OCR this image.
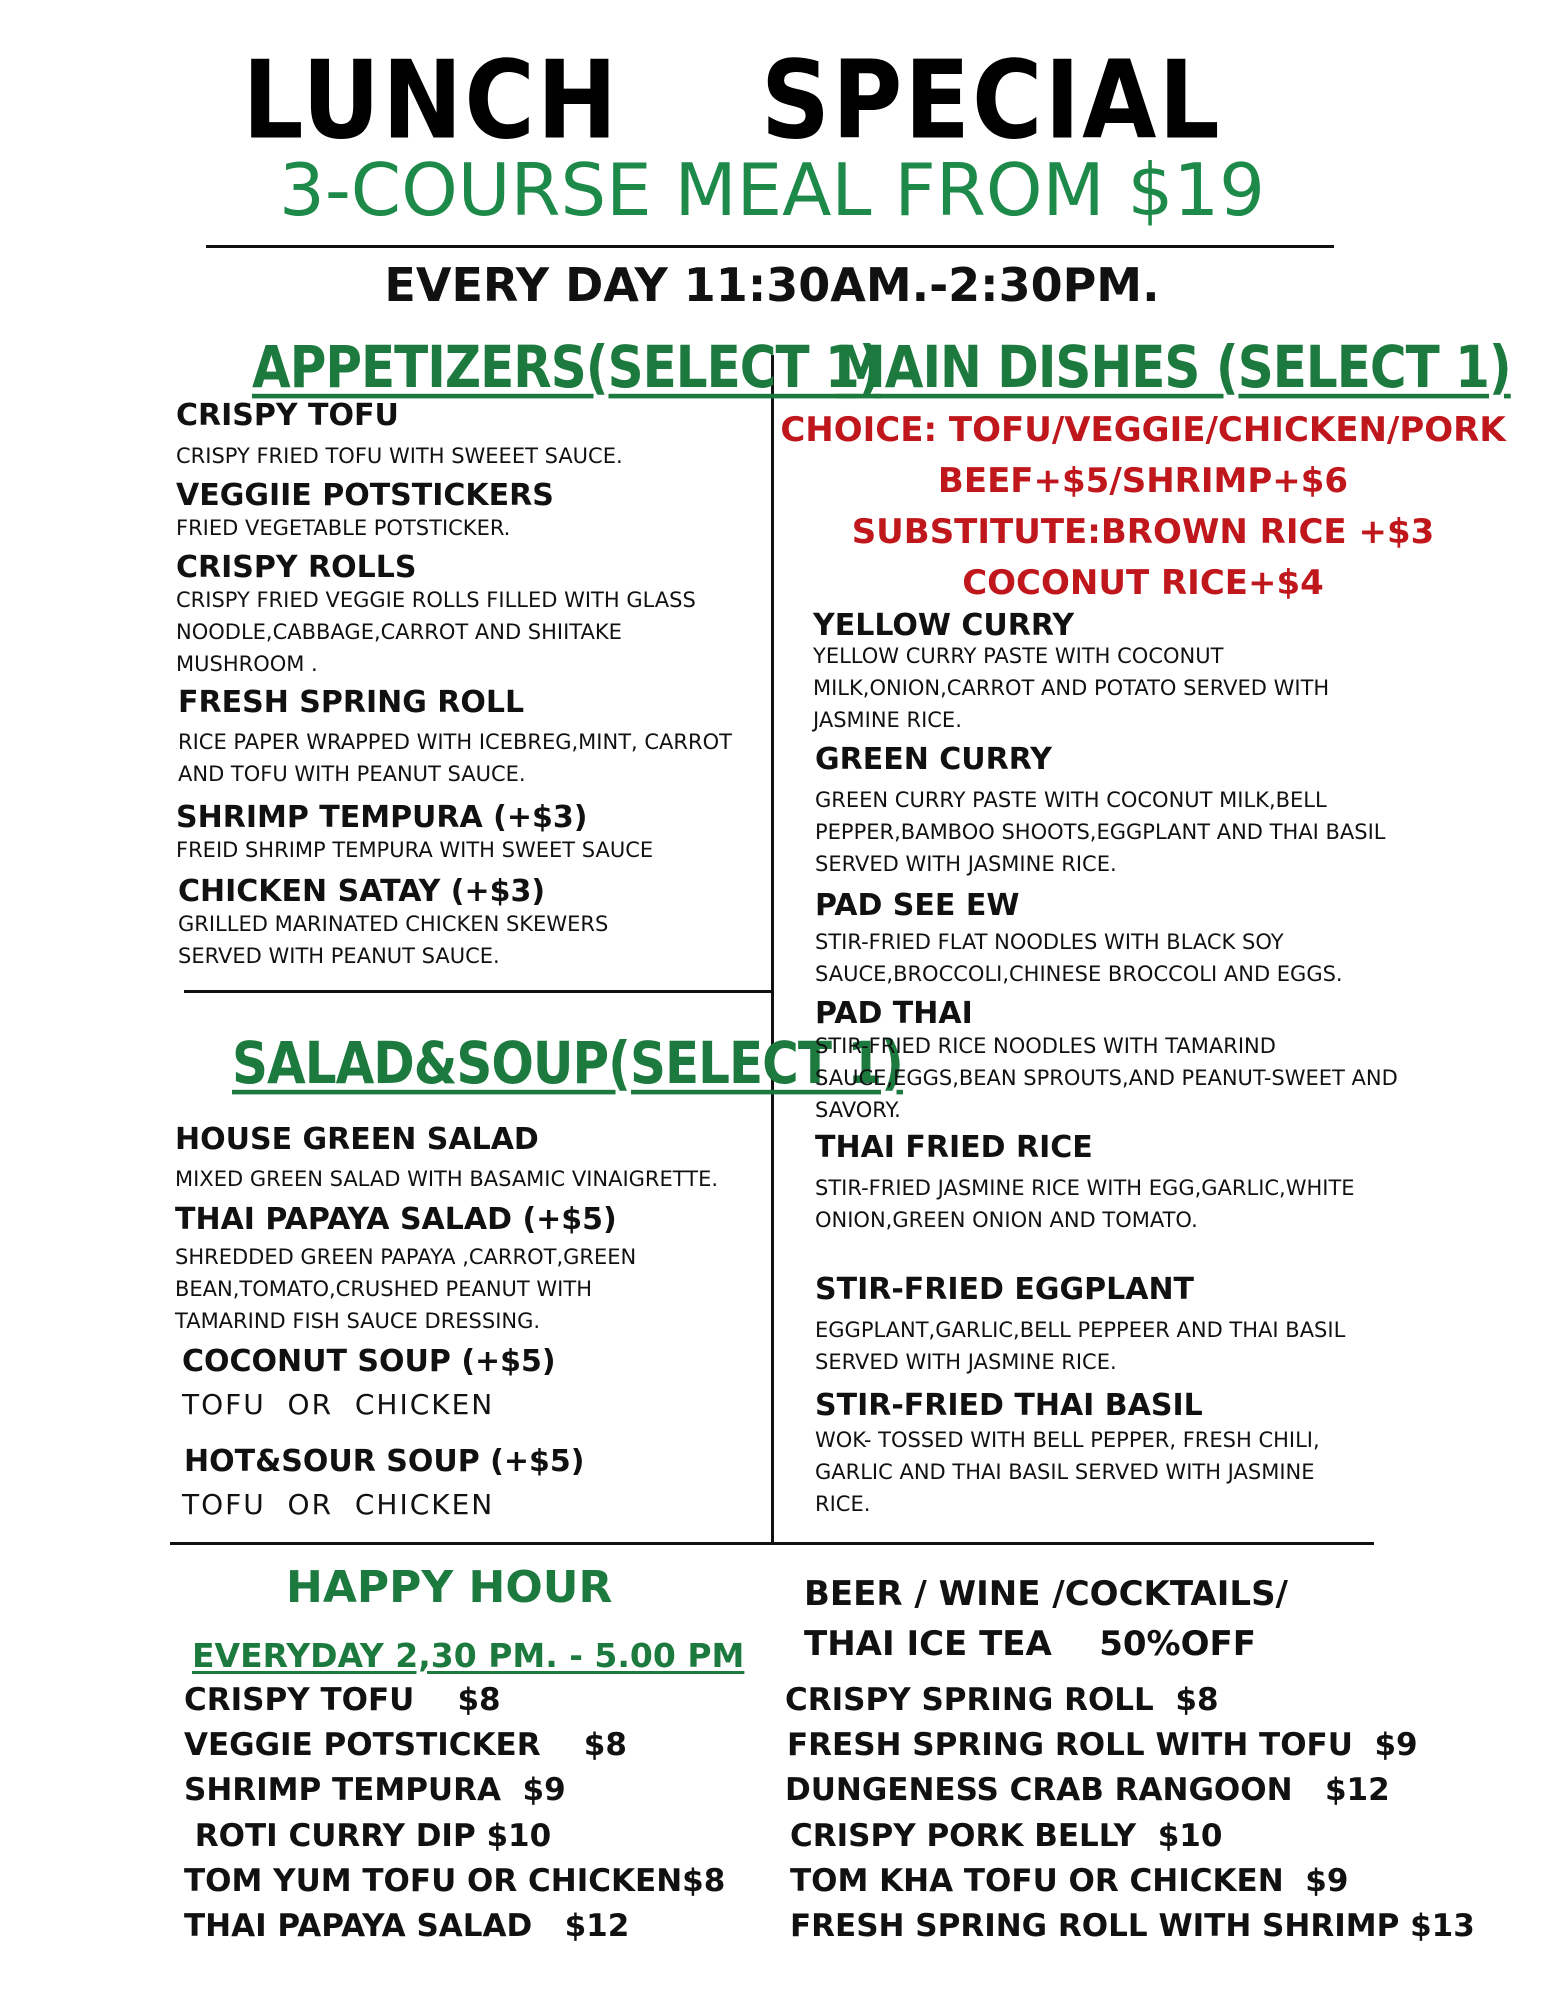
LUNCH    SPECIAL
3-COURSE MEAL FROM $19
EVERY DAY 11:30AM.-2:30PM.
APPETIZERS(SELECT 1)
CRISPY TOFU
CRISPY FRIED TOFU WITH SWEEET SAUCE.
VEGGIIE POTSTICKERS
FRIED VEGETABLE POTSTICKER.
CRISPY ROLLS
CRISPY FRIED VEGGIE ROLLS FILLED WITH GLASS NOODLE,CABBAGE,CARROT AND SHIITAKE MUSHROOM .
FRESH SPRING ROLL
RICE PAPER WRAPPED WITH ICEBREG,MINT, CARROT AND TOFU WITH PEANUT SAUCE.
SHRIMP TEMPURA (+$3)
FREID SHRIMP TEMPURA WITH SWEET SAUCE
CHICKEN SATAY (+$3)
GRILLED MARINATED CHICKEN SKEWERS SERVED WITH PEANUT SAUCE.
SALAD&SOUP(SELECT 1)
HOUSE GREEN SALAD
MIXED GREEN SALAD WITH BASAMIC VINAIGRETTE.
THAI PAPAYA SALAD (+$5)
SHREDDED GREEN PAPAYA ,CARROT,GREEN BEAN,TOMATO,CRUSHED PEANUT WITH TAMARIND FISH SAUCE DRESSING.
COCONUT SOUP (+$5)
TOFU  OR  CHICKEN
HOT&SOUR SOUP (+$5)
TOFU  OR  CHICKEN
MAIN DISHES (SELECT 1)
CHOICE: TOFU/VEGGIE/CHICKEN/PORK
BEEF+$5/SHRIMP+$6
SUBSTITUTE:BROWN RICE +$3
COCONUT RICE+$4
YELLOW CURRY
YELLOW CURRY PASTE WITH COCONUT MILK,ONION,CARROT AND POTATO SERVED WITH JASMINE RICE.
GREEN CURRY
GREEN CURRY PASTE WITH COCONUT MILK,BELL PEPPER,BAMBOO SHOOTS,EGGPLANT AND THAI BASIL SERVED WITH JASMINE RICE.
PAD SEE EW
STIR-FRIED FLAT NOODLES WITH BLACK SOY SAUCE,BROCCOLI,CHINESE BROCCOLI AND EGGS.
PAD THAI
STIR-FRIED RICE NOODLES WITH TAMARIND SAUCE,EGGS,BEAN SPROUTS,AND PEANUT-SWEET AND SAVORY.
THAI FRIED RICE
STIR-FRIED JASMINE RICE WITH EGG,GARLIC,WHITE ONION,GREEN ONION AND TOMATO.
STIR-FRIED EGGPLANT
EGGPLANT,GARLIC,BELL PEPPEER AND THAI BASIL SERVED WITH JASMINE RICE.
STIR-FRIED THAI BASIL
WOK- TOSSED WITH BELL PEPPER, FRESH CHILI, GARLIC AND THAI BASIL SERVED WITH JASMINE RICE.
HAPPY HOUR
EVERYDAY 2,30 PM. - 5.00 PM
BEER / WINE /COCKTAILS/
THAI ICE TEA    50%OFF
CRISPY TOFU    $8
VEGGIE POTSTICKER    $8
SHRIMP TEMPURA  $9
ROTI CURRY DIP $10
TOM YUM TOFU OR CHICKEN$8
THAI PAPAYA SALAD   $12
CRISPY SPRING ROLL  $8
FRESH SPRING ROLL WITH TOFU  $9
DUNGENESS CRAB RANGOON   $12
CRISPY PORK BELLY  $10
TOM KHA TOFU OR CHICKEN  $9
FRESH SPRING ROLL WITH SHRIMP $13
